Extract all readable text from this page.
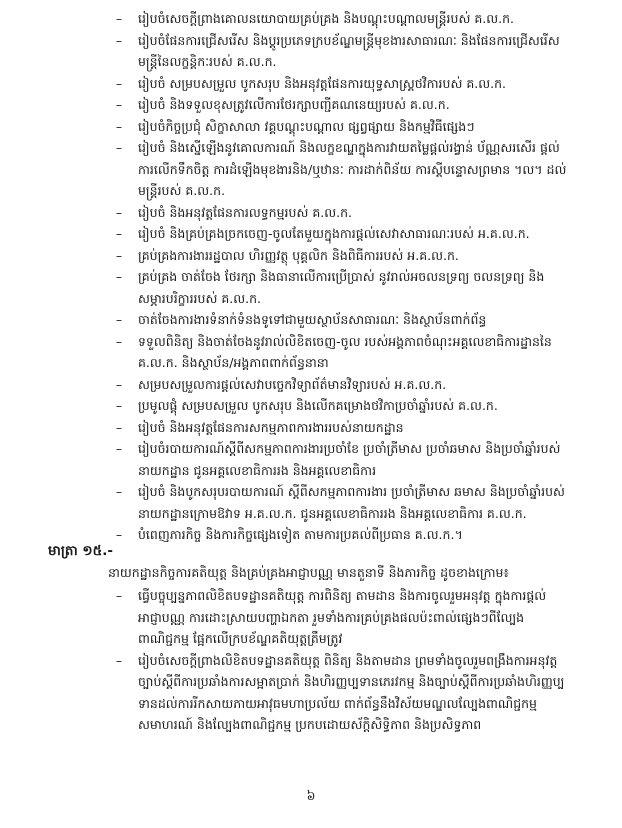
–	រៀបចំសេចក្តីព្រាងគោលនយោបាយគ្រប់គ្រង និងបណ្តុះបណ្តាលមន្ត្រីរបស់ គ.ល.ក.
–	រៀបចំផែនការជ្រើសរើស និងប្តូរប្រភេទក្របខ័ណ្ឌមន្ត្រីមុខងារសាធារណៈ និងផែនការជ្រើសរើសមន្ត្រីនៃលក្ខន្តិកៈរបស់ គ.ល.ក.
–	រៀបចំ សម្របសម្រួល បូកសរុប និងអនុវត្តផែនការយុទ្ធសាស្ត្រថវិការបស់ គ.ល.ក.
–	រៀបចំ និងទទួលខុសត្រូវលើការថែរក្សាបញ្ជីគណនេយ្យរបស់ គ.ល.ក.
–	រៀបចំកិច្ចប្រជុំ សិក្ខាសាលា វគ្គបណ្តុះបណ្តាល ផ្សព្វផ្សាយ និងកម្មវិធីផ្សេងៗ
–	រៀបចំ និងស្នើឡើងនូវគោលការណ៍ និងលក្ខខណ្ឌក្នុងការវាយតម្លៃផ្តល់រង្វាន់ ប័ណ្ណសរសើរ ផ្តល់ការលើកទឹកចិត្ត ការដំឡើងមុខងារនិង/ឬឋានៈ ការដាក់ពិន័យ ការស្តីបន្ទោសព្រមាន ។ល។ ដល់មន្ត្រីរបស់ គ.ល.ក.
–	រៀបចំ និងអនុវត្តផែនការលទ្ធកម្មរបស់ គ.ល.ក.
–	រៀបចំ និងគ្រប់គ្រងច្រកចេញ-ចូលតែមួយក្នុងការផ្តល់សេវាសាធារណៈរបស់ អ.គ.ល.ក.
–	គ្រប់គ្រងការងាររដ្ឋបាល ហិរញ្ញវត្ថុ បុគ្គលិក និងពិធីការរបស់ អ.គ.ល.ក.
–	គ្រប់គ្រង ចាត់ចែង ថែរក្សា និងធានាលើការប្រើប្រាស់ នូវរាល់អចលនទ្រព្យ ចលនទ្រព្យ និងសម្ភារបរិក្ខាររបស់ គ.ល.ក.
–	ចាត់ចែងការងារទំនាក់ទំនងទូទៅជាមួយស្ថាប័នសាធារណៈ និងស្ថាប័នពាក់ព័ន្ធ
–	ទទួលពិនិត្យ និងចាត់ចែងនូវរាល់លិខិតចេញ-ចូល របស់អង្គភាពចំណុះអគ្គលេខាធិការដ្ឋាននៃ គ.ល.ក. និងស្ថាប័ន/អង្គភាពពាក់ព័ន្ធនានា
–	សម្របសម្រួលការផ្តល់សេវាបច្ចេកវិទ្យាព័ត៌មានវិទ្យារបស់ អ.គ.ល.ក.
–	ប្រមូលផ្តុំ សម្របសម្រួល បូកសរុប និងលើកគម្រោងថវិកាប្រចាំឆ្នាំរបស់ គ.ល.ក.
–	រៀបចំ និងអនុវត្តផែនការសកម្មភាពការងាររបស់នាយកដ្ឋាន
–	រៀបចំរបាយការណ៍ស្តីពីសកម្មភាពការងារប្រចាំខែ ប្រចាំត្រីមាស ប្រចាំឆមាស និងប្រចាំឆ្នាំរបស់នាយកដ្ឋាន ជូនអគ្គលេខាធិការរង និងអគ្គលេខាធិការ
–	រៀបចំ និងបូកសរុបរបាយការណ៍ ស្តីពីសកម្មភាពការងារ ប្រចាំត្រីមាស ឆមាស និងប្រចាំឆ្នាំរបស់នាយកដ្ឋានក្រោមឱវាទ អ.គ.ល.ក. ជូនអគ្គលេខាធិការរង និងអគ្គលេខាធិការ គ.ល.ក.
–	បំពេញភារកិច្ច និងការកិច្ចផ្សេងទៀត តាមការប្រគល់ពីប្រធាន គ.ល.ក.។
មាត្រា ១៥.-
នាយកដ្ឋានកិច្ចការគតិយុត្ត និងគ្រប់គ្រងអាជ្ញាបណ្ណ មានតួនាទី និងភារកិច្ច ដូចខាងក្រោម៖
–	ធ្វើបច្ចុប្បន្នភាពលិខិតបទដ្ឋានគតិយុត្ត ការពិនិត្យ តាមដាន និងការចូលរួមអនុវត្ត ក្នុងការផ្តល់អាជ្ញាបណ្ណ ការដោះស្រាយបញ្ហាឯកតា រួមទាំងការគ្រប់គ្រងផលប៉ះពាល់ផ្សេងៗពីល្បែងពាណិជ្ជកម្ម ផ្អែកលើក្របខ័ណ្ឌគតិយុត្តត្រឹមត្រូវ
–	រៀបចំសេចក្តីព្រាងលិខិតបទដ្ឋានគតិយុត្ត ពិនិត្យ និងតាមដាន ព្រមទាំងចូលរួមពង្រឹងការអនុវត្តច្បាប់ស្តីពីការប្រឆាំងការសម្អាតប្រាក់ និងហិរញ្ញប្បទានភេរវកម្ម និងច្បាប់ស្តីពីការប្រឆាំងហិរញ្ញប្បទានដល់ការរីកសាយភាយអាវុធមហាប្រល័យ ពាក់ព័ន្ធនឹងវិស័យមណ្ឌលល្បែងពាណិជ្ជកម្មសមាហរណ៍ និងល្បែងពាណិជ្ជកម្ម ប្រកបដោយស័ក្តិសិទ្ធិភាព និងប្រសិទ្ធភាព
៦
